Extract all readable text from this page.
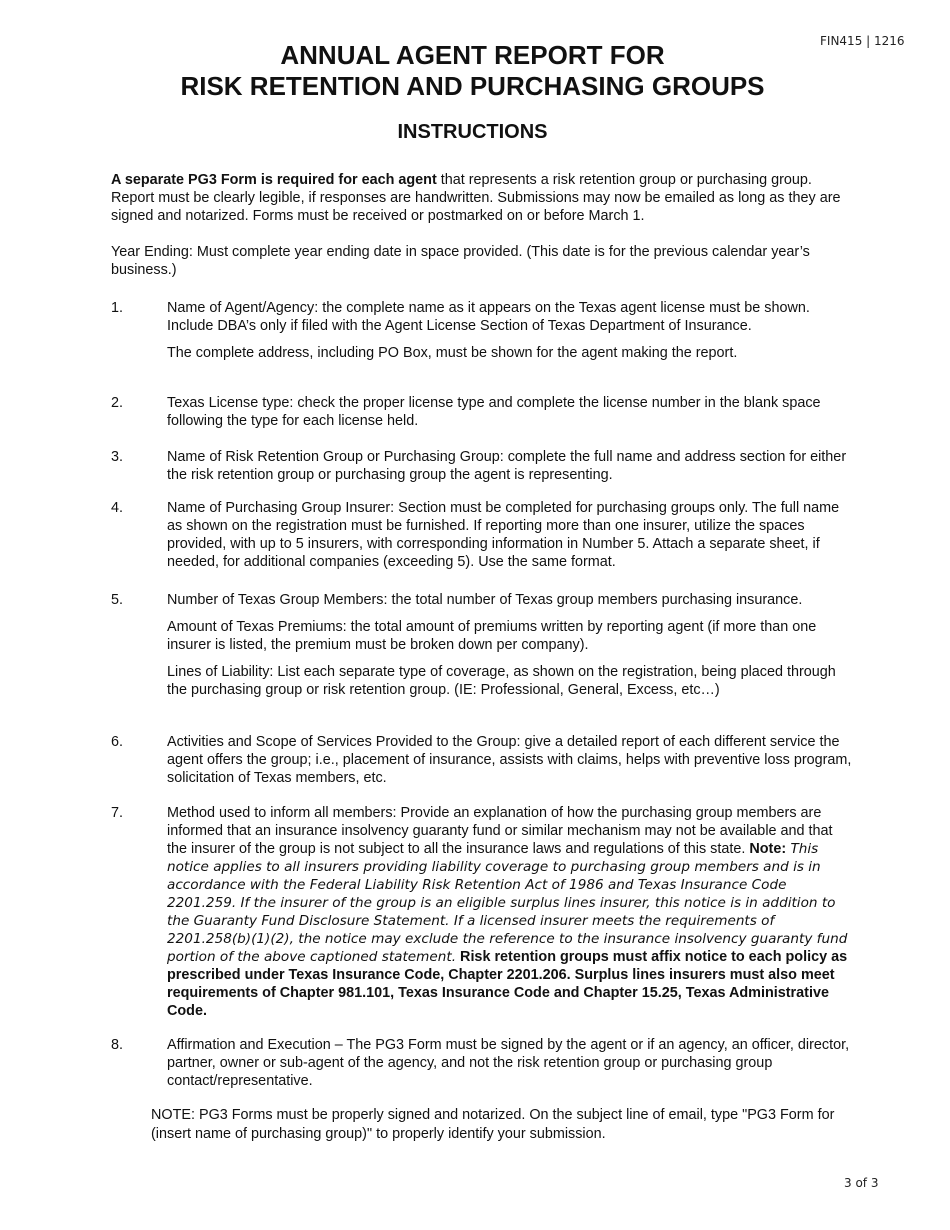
FIN415 | 1216
ANNUAL AGENT REPORT FOR
RISK RETENTION AND PURCHASING GROUPS
INSTRUCTIONS
A separate PG3 Form is required for each agent that represents a risk retention group or purchasing group. Report must be clearly legible, if responses are handwritten. Submissions may now be emailed as long as they are signed and notarized. Forms must be received or postmarked on or before March 1.
Year Ending: Must complete year ending date in space provided. (This date is for the previous calendar year’s business.)
1.	Name of Agent/Agency: the complete name as it appears on the Texas agent license must be shown. Include DBA’s only if filed with the Agent License Section of Texas Department of Insurance.

The complete address, including PO Box, must be shown for the agent making the report.

2.	Texas License type: check the proper license type and complete the license number in the blank space following the type for each license held.

3.	Name of Risk Retention Group or Purchasing Group: complete the full name and address section for either the risk retention group or purchasing group the agent is representing.

4.	Name of Purchasing Group Insurer: Section must be completed for purchasing groups only. The full name as shown on the registration must be furnished. If reporting more than one insurer, utilize the spaces provided, with up to 5 insurers, with corresponding information in Number 5. Attach a separate sheet, if needed, for additional companies (exceeding 5). Use the same format.

5.	Number of Texas Group Members: the total number of Texas group members purchasing insurance.

Amount of Texas Premiums: the total amount of premiums written by reporting agent (if more than one insurer is listed, the premium must be broken down per company).

Lines of Liability: List each separate type of coverage, as shown on the registration, being placed through the purchasing group or risk retention group. (IE: Professional, General, Excess, etc…)

6.	Activities and Scope of Services Provided to the Group: give a detailed report of each different service the agent offers the group; i.e., placement of insurance, assists with claims, helps with preventive loss program, solicitation of Texas members, etc.

7.	Method used to inform all members: Provide an explanation of how the purchasing group members are informed that an insurance insolvency guaranty fund or similar mechanism may not be available and that the insurer of the group is not subject to all the insurance laws and regulations of this state. Note: This notice applies to all insurers providing liability coverage to purchasing group members and is in accordance with the Federal Liability Risk Retention Act of 1986 and Texas Insurance Code 2201.259. If the insurer of the group is an eligible surplus lines insurer, this notice is in addition to the Guaranty Fund Disclosure Statement. If a licensed insurer meets the requirements of 2201.258(b)(1)(2), the notice may exclude the reference to the insurance insolvency guaranty fund portion of the above captioned statement. Risk retention groups must affix notice to each policy as prescribed under Texas Insurance Code, Chapter 2201.206. Surplus lines insurers must also meet requirements of Chapter 981.101, Texas Insurance Code and Chapter 15.25, Texas Administrative Code.

8.	Affirmation and Execution – The PG3 Form must be signed by the agent or if an agency, an officer, director, partner, owner or sub-agent of the agency, and not the risk retention group or purchasing group contact/representative.

NOTE: PG3 Forms must be properly signed and notarized. On the subject line of email, type "PG3 Form for (insert name of purchasing group)" to properly identify your submission.
3 of 3
